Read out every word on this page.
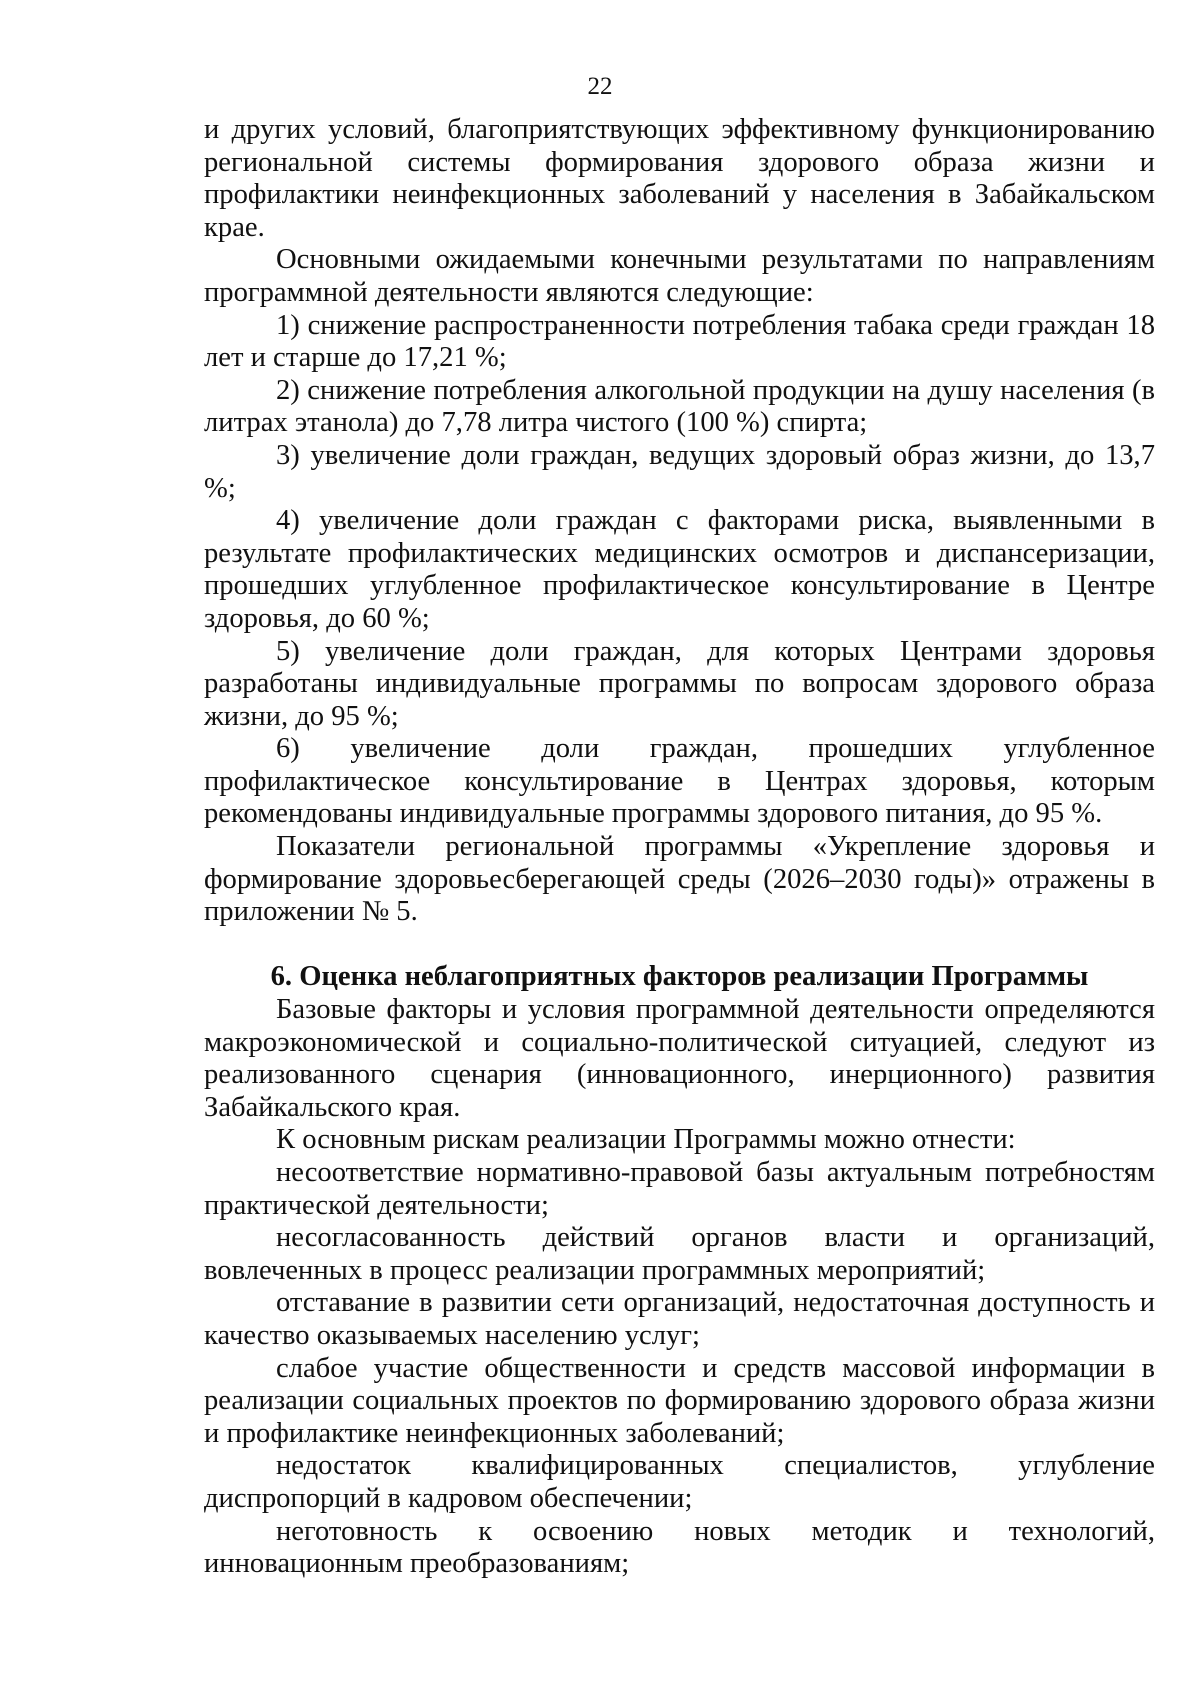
22

и других условий, благоприятствующих эффективному функционированию региональной системы формирования здорового образа жизни и профилактики неинфекционных заболеваний у населения в Забайкальском крае.

Основными ожидаемыми конечными результатами по направлениям программной деятельности являются следующие:

1) снижение распространенности потребления табака среди граждан 18 лет и старше до 17,21 %;

2) снижение потребления алкогольной продукции на душу населения (в литрах этанола) до 7,78 литра чистого (100 %) спирта;

3) увеличение доли граждан, ведущих здоровый образ жизни, до 13,7 %;

4) увеличение доли граждан с факторами риска, выявленными в результате профилактических медицинских осмотров и диспансеризации, прошедших углубленное профилактическое консультирование в Центре здоровья, до 60 %;

5) увеличение доли граждан, для которых Центрами здоровья разработаны индивидуальные программы по вопросам здорового образа жизни, до 95 %;

6) увеличение доли граждан, прошедших углубленное профилактическое консультирование в Центрах здоровья, которым рекомендованы индивидуальные программы здорового питания, до 95 %.

Показатели региональной программы «Укрепление здоровья и формирование здоровьесберегающей среды (2026–2030 годы)» отражены в приложении № 5.

6. Оценка неблагоприятных факторов реализации Программы

Базовые факторы и условия программной деятельности определяются макроэкономической и социально-политической ситуацией, следуют из реализованного сценария (инновационного, инерционного) развития Забайкальского края.

К основным рискам реализации Программы можно отнести:

несоответствие нормативно-правовой базы актуальным потребностям практической деятельности;

несогласованность действий органов власти и организаций, вовлеченных в процесс реализации программных мероприятий;

отставание в развитии сети организаций, недостаточная доступность и качество оказываемых населению услуг;

слабое участие общественности и средств массовой информации в реализации социальных проектов по формированию здорового образа жизни и профилактике неинфекционных заболеваний;

недостаток квалифицированных специалистов, углубление диспропорций в кадровом обеспечении;

неготовность к освоению новых методик и технологий, инновационным преобразованиям;
